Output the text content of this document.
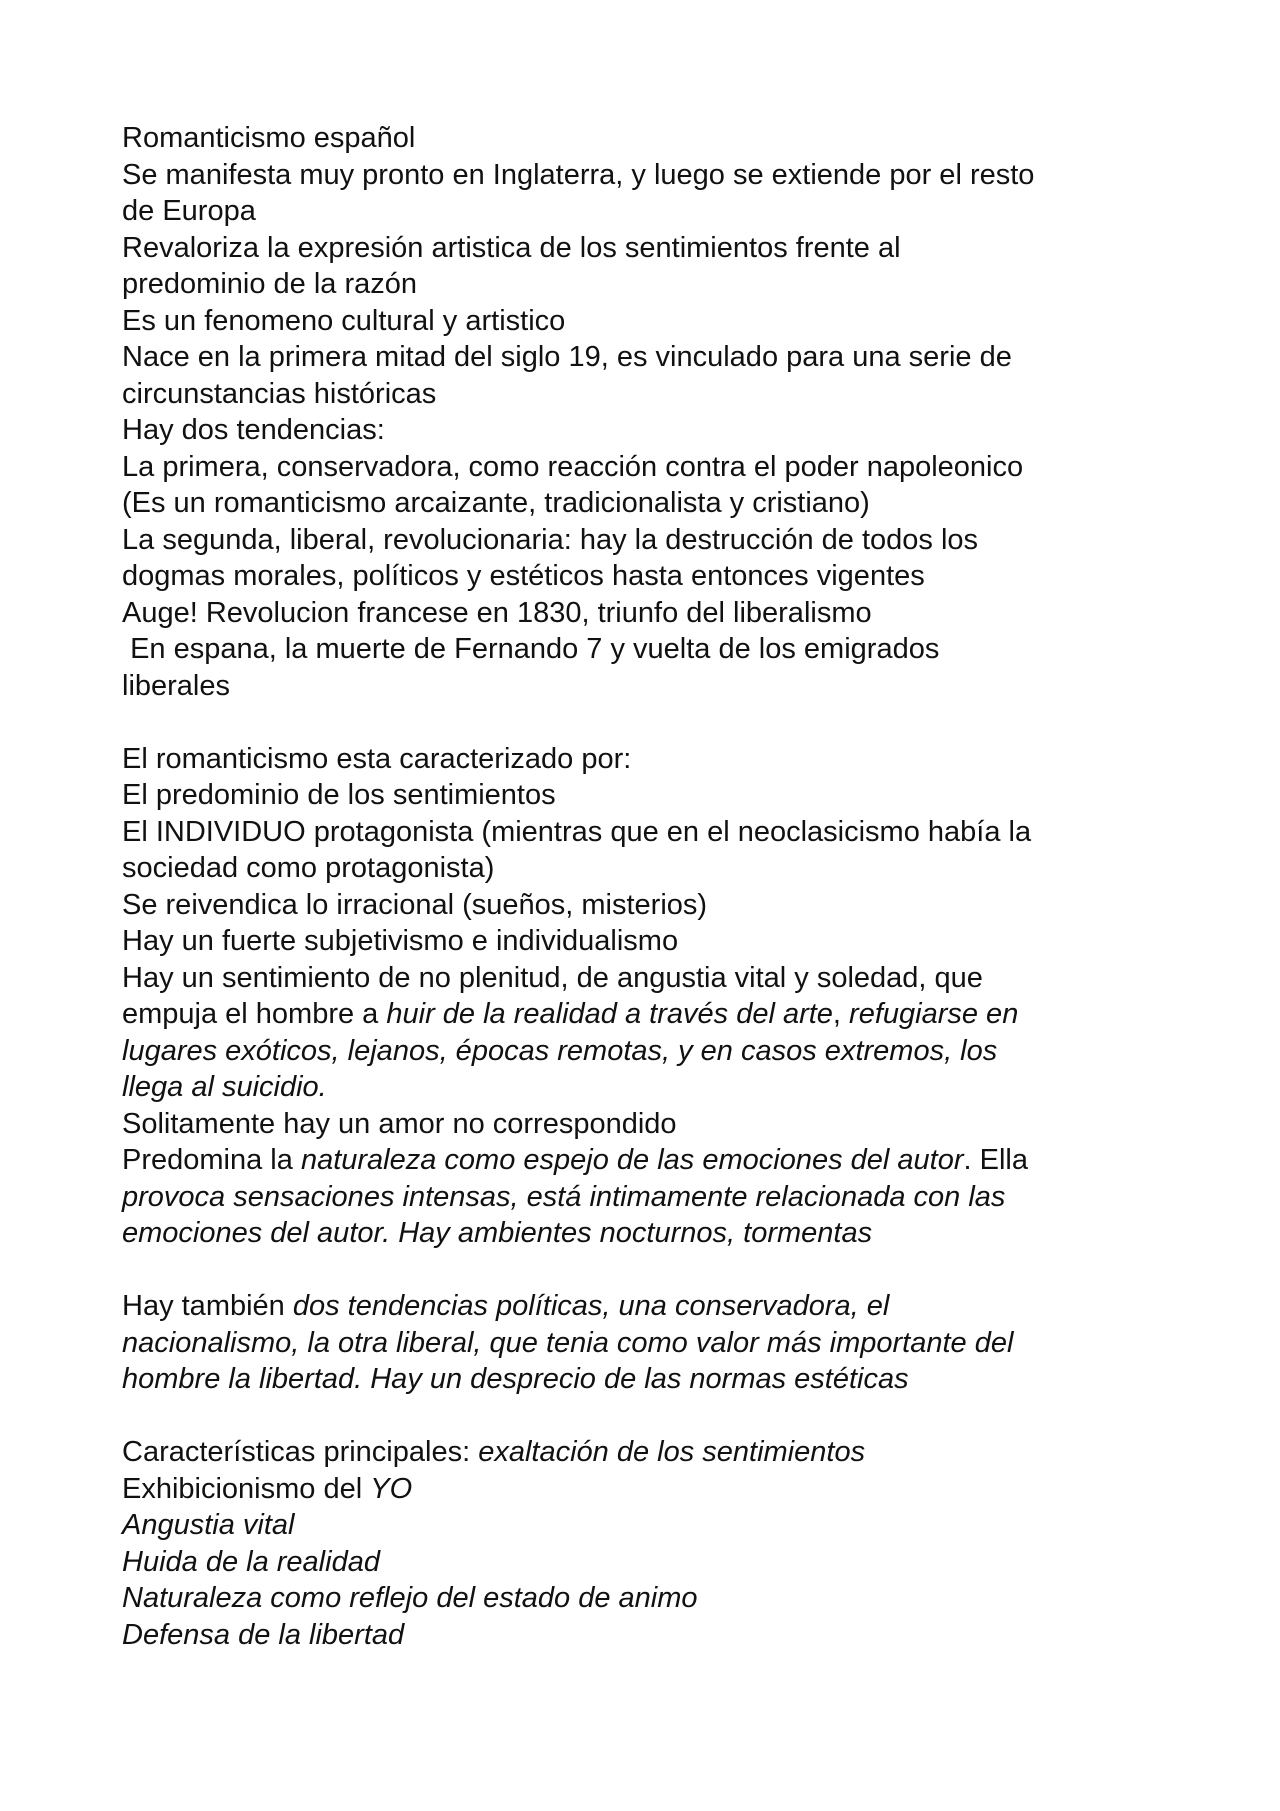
Romanticismo español
Se manifesta muy pronto en Inglaterra, y luego se extiende por el resto
de Europa
Revaloriza la expresión artistica de los sentimientos frente al
predominio de la razón
Es un fenomeno cultural y artistico
Nace en la primera mitad del siglo 19, es vinculado para una serie de
circunstancias históricas
Hay dos tendencias:
La primera, conservadora, como reacción contra el poder napoleonico
(Es un romanticismo arcaizante, tradicionalista y cristiano)
La segunda, liberal, revolucionaria: hay la destrucción de todos los
dogmas morales, políticos y estéticos hasta entonces vigentes
Auge! Revolucion francese en 1830, triunfo del liberalismo
En espana, la muerte de Fernando 7 y vuelta de los emigrados
liberales
El romanticismo esta caracterizado por:
El predominio de los sentimientos
El INDIVIDUO protagonista (mientras que en el neoclasicismo había la
sociedad como protagonista)
Se reivendica lo irracional (sueños, misterios)
Hay un fuerte subjetivismo e individualismo
Hay un sentimiento de no plenitud, de angustia vital y soledad, que
empuja el hombre a huir de la realidad a través del arte, refugiarse en
lugares exóticos, lejanos, épocas remotas, y en casos extremos, los
llega al suicidio.
Solitamente hay un amor no correspondido
Predomina la naturaleza como espejo de las emociones del autor. Ella
provoca sensaciones intensas, está intimamente relacionada con las
emociones del autor. Hay ambientes nocturnos, tormentas
Hay también dos tendencias políticas, una conservadora, el
nacionalismo, la otra liberal, que tenia como valor más importante del
hombre la libertad. Hay un desprecio de las normas estéticas
Características principales: exaltación de los sentimientos
Exhibicionismo del YO
Angustia vital
Huida de la realidad
Naturaleza como reflejo del estado de animo
Defensa de la libertad
